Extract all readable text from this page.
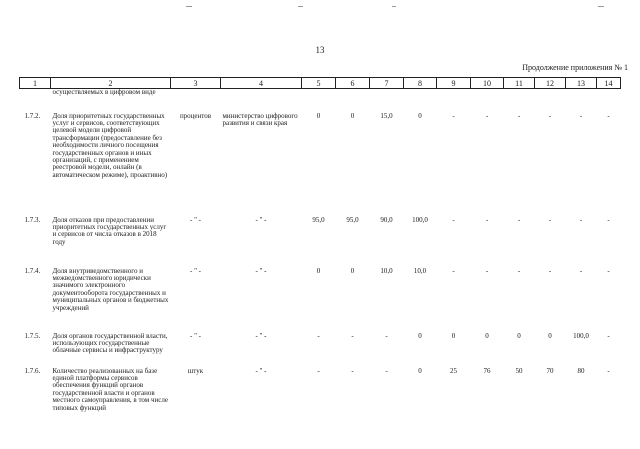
13
Продолжение приложения № 1
1	2	3	4	5	6	7	8	9	10	11	12	13	14
	осуществляемых в цифровом виде												
1.7.2.	Доля приоритетных государственных услуг и сервисов, соответствующих целевой модели цифровой трансформации (предоставление без необходимости личного посещения государственных органов и иных организаций, с применением реестровой модели, онлайн (в автоматическом режиме), проактивно)	процентов	министерство цифрового развития и связи края	0	0	15,0	0	-	-	-	-	-	-
1.7.3.	Доля отказов при предоставлении приоритетных государственных услуг и сервисов от числа отказов в 2018 году	- " -	- " -	95,0	95,0	90,0	100,0	-	-	-	-	-	-
1.7.4.	Доля внутриведомственного и межведомственного юридически значимого электронного документооборота государственных и муниципальных органов и бюджетных учреждений	- " -	- " -	0	0	10,0	10,0	-	-	-	-	-	-
1.7.5.	Доля органов государственной власти, использующих государственные облачные сервисы и инфраструктуру	- " -	- " -	-	-	-	0	0	0	0	0	100,0	-
1.7.6.	Количество реализованных на базе единой платформы сервисов обеспечения функций органов государственной власти и органов местного самоуправления, в том числе типовых функций	штук	- " -	-	-	-	0	25	76	50	70	80	-
